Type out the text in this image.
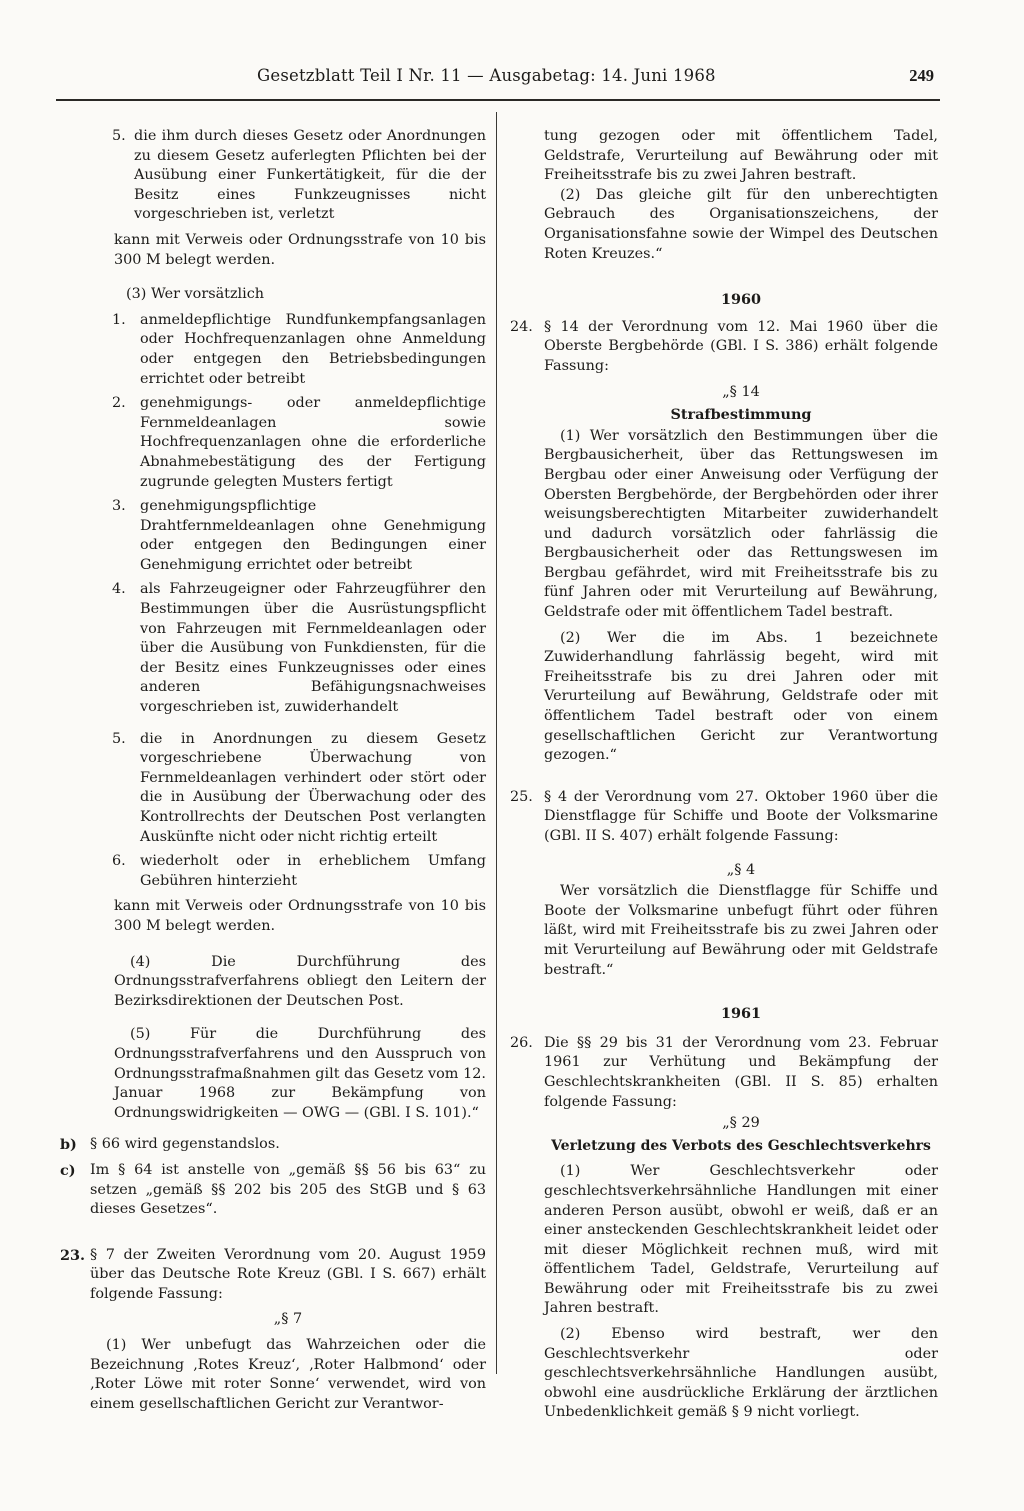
Gesetzblatt Teil I Nr. 11 — Ausgabetag: 14. Juni 1968	249
5. die ihm durch dieses Gesetz oder Anordnungen zu diesem Gesetz auferlegten Pflichten bei der Ausübung einer Funkertätigkeit, für die der Besitz eines Funkzeugnisses nicht vorgeschrieben ist, verletzt

kann mit Verweis oder Ordnungsstrafe von 10 bis 300 M belegt werden.

(3) Wer vorsätzlich

1. anmeldepflichtige Rundfunkempfangsanlagen oder Hochfrequenzanlagen ohne Anmeldung oder entgegen den Betriebsbedingungen errichtet oder betreibt

2. genehmigungs- oder anmeldepflichtige Fernmeldeanlagen sowie Hochfrequenzanlagen ohne die erforderliche Abnahmebestätigung des der Fertigung zugrunde gelegten Musters fertigt

3. genehmigungspflichtige Drahtfernmeldeanlagen ohne Genehmigung oder entgegen den Bedingungen einer Genehmigung errichtet oder betreibt

4. als Fahrzeugeigner oder Fahrzeugführer den Bestimmungen über die Ausrüstungspflicht von Fahrzeugen mit Fernmeldeanlagen oder über die Ausübung von Funkdiensten, für die der Besitz eines Funkzeugnisses oder eines anderen Befähigungsnachweises vorgeschrieben ist, zuwiderhandelt

5. die in Anordnungen zu diesem Gesetz vorgeschriebene Überwachung von Fernmeldeanlagen verhindert oder stört oder die in Ausübung der Überwachung oder des Kontrollrechts der Deutschen Post verlangten Auskünfte nicht oder nicht richtig erteilt

6. wiederholt oder in erheblichem Umfang Gebühren hinterzieht

kann mit Verweis oder Ordnungsstrafe von 10 bis 300 M belegt werden.

(4) Die Durchführung des Ordnungsstrafverfahrens obliegt den Leitern der Bezirksdirektionen der Deutschen Post.

(5) Für die Durchführung des Ordnungsstrafverfahrens und den Ausspruch von Ordnungsstrafmaßnahmen gilt das Gesetz vom 12. Januar 1968 zur Bekämpfung von Ordnungswidrigkeiten — OWG — (GBl. I S. 101).“

b) § 66 wird gegenstandslos.

c) Im § 64 ist anstelle von „gemäß §§ 56 bis 63“ zu setzen „gemäß §§ 202 bis 205 des StGB und § 63 dieses Gesetzes“.

23. § 7 der Zweiten Verordnung vom 20. August 1959 über das Deutsche Rote Kreuz (GBl. I S. 667) erhält folgende Fassung:

„§ 7

(1) Wer unbefugt das Wahrzeichen oder die Bezeichnung ‚Rotes Kreuz‘, ‚Roter Halbmond‘ oder ‚Roter Löwe mit roter Sonne‘ verwendet, wird von einem gesellschaftlichen Gericht zur Verantwor-

tung gezogen oder mit öffentlichem Tadel, Geldstrafe, Verurteilung auf Bewährung oder mit Freiheitsstrafe bis zu zwei Jahren bestraft.

(2) Das gleiche gilt für den unberechtigten Gebrauch des Organisationszeichens, der Organisationsfahne sowie der Wimpel des Deutschen Roten Kreuzes.“

1960

24. § 14 der Verordnung vom 12. Mai 1960 über die Oberste Bergbehörde (GBl. I S. 386) erhält folgende Fassung:

„§ 14

Strafbestimmung

(1) Wer vorsätzlich den Bestimmungen über die Bergbausicherheit, über das Rettungswesen im Bergbau oder einer Anweisung oder Verfügung der Obersten Bergbehörde, der Bergbehörden oder ihrer weisungsberechtigten Mitarbeiter zuwiderhandelt und dadurch vorsätzlich oder fahrlässig die Bergbausicherheit oder das Rettungswesen im Bergbau gefährdet, wird mit Freiheitsstrafe bis zu fünf Jahren oder mit Verurteilung auf Bewährung, Geldstrafe oder mit öffentlichem Tadel bestraft.

(2) Wer die im Abs. 1 bezeichnete Zuwiderhandlung fahrlässig begeht, wird mit Freiheitsstrafe bis zu drei Jahren oder mit Verurteilung auf Bewährung, Geldstrafe oder mit öffentlichem Tadel bestraft oder von einem gesellschaftlichen Gericht zur Verantwortung gezogen.“

25. § 4 der Verordnung vom 27. Oktober 1960 über die Dienstflagge für Schiffe und Boote der Volksmarine (GBl. II S. 407) erhält folgende Fassung:

„§ 4

Wer vorsätzlich die Dienstflagge für Schiffe und Boote der Volksmarine unbefugt führt oder führen läßt, wird mit Freiheitsstrafe bis zu zwei Jahren oder mit Verurteilung auf Bewährung oder mit Geldstrafe bestraft.“

1961

26. Die §§ 29 bis 31 der Verordnung vom 23. Februar 1961 zur Verhütung und Bekämpfung der Geschlechtskrankheiten (GBl. II S. 85) erhalten folgende Fassung:

„§ 29

Verletzung des Verbots des Geschlechtsverkehrs

(1) Wer Geschlechtsverkehr oder geschlechtsverkehrsähnliche Handlungen mit einer anderen Person ausübt, obwohl er weiß, daß er an einer ansteckenden Geschlechtskrankheit leidet oder mit dieser Möglichkeit rechnen muß, wird mit öffentlichem Tadel, Geldstrafe, Verurteilung auf Bewährung oder mit Freiheitsstrafe bis zu zwei Jahren bestraft.

(2) Ebenso wird bestraft, wer den Geschlechtsverkehr oder geschlechtsverkehrsähnliche Handlungen ausübt, obwohl eine ausdrückliche Erklärung der ärztlichen Unbedenklichkeit gemäß § 9 nicht vorliegt.
